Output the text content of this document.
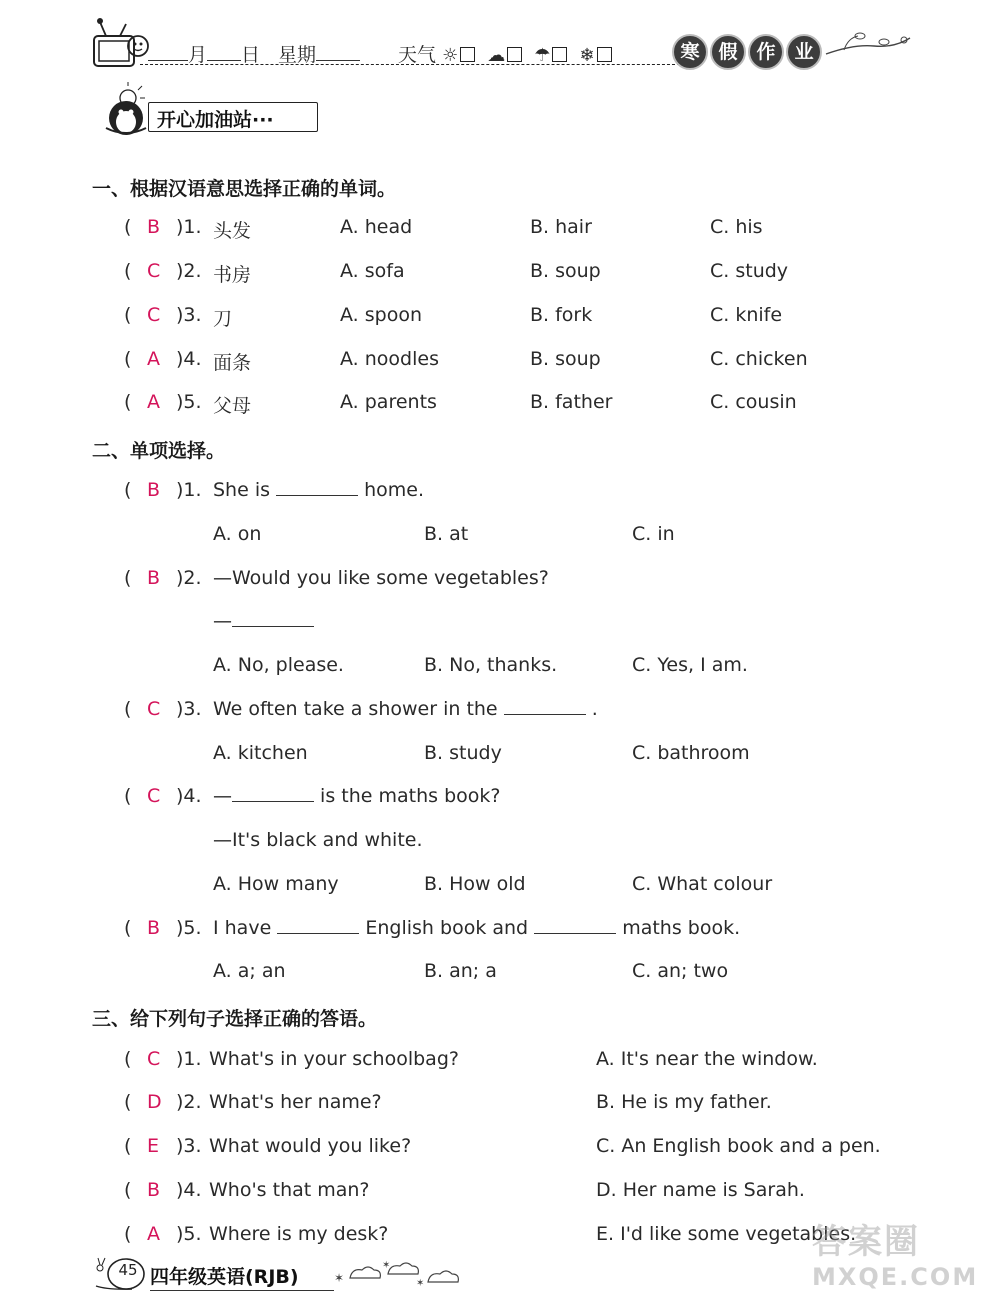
月 日 星期	天气 ☼ ☁ ☂ ❄	寒 假 作 业
开心加油站···
一、根据汉语意思选择正确的单词。
( B )1. 头发	A. head	B. hair	C. his
( C )2. 书房	A. sofa	B. soup	C. study
( C )3. 刀	A. spoon	B. fork	C. knife
( A )4. 面条	A. noodles	B. soup	C. chicken
( A )5. 父母	A. parents	B. father	C. cousin
二、单项选择。
( B )1. She is	home.
A. on	B. at	C. in
( B )2. —Would you like some vegetables?
—
A. No, please.	B. No, thanks.	C. Yes, I am.
( C )3. We often take a shower in the	.
A. kitchen	B. study	C. bathroom
( C )4. —	is the maths book?
—It's black and white.
A. How many	B. How old	C. What colour
( B )5. I have	English book and	maths book.
A. a; an	B. an; a	C. an; two
三、给下列句子选择正确的答语。
( C )1. What's in your schoolbag?	A. It's near the window.
( D )2. What's her name?	B. He is my father.
( E )3. What would you like?	C. An English book and a pen.
( B )4. Who's that man?	D. Her name is Sarah.
( A )5. Where is my desk?	E. I'd like some vegetables.
45 四年级英语(RJB)	✶
✶
✶
答案圈
MXQE.COM
